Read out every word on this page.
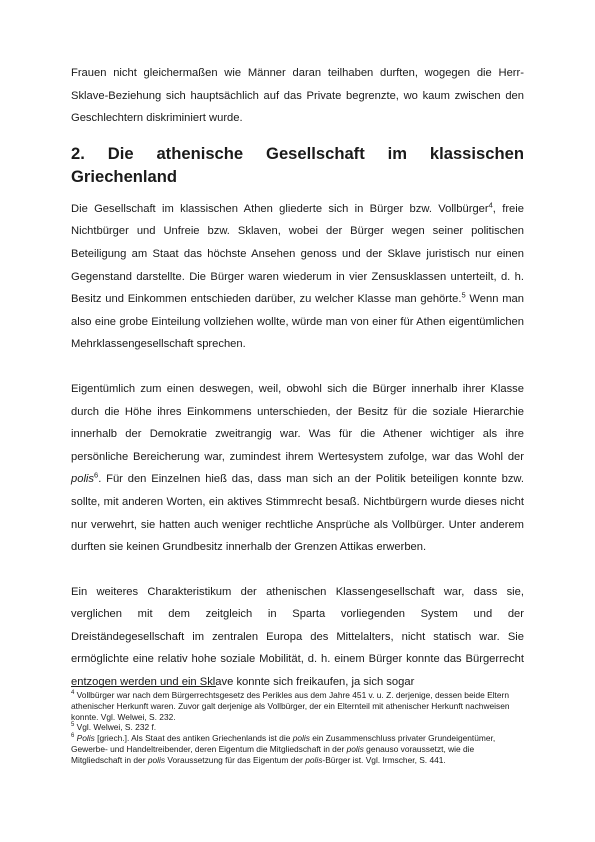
Frauen nicht gleichermaßen wie Männer daran teilhaben durften, wogegen die Herr-Sklave-Beziehung sich hauptsächlich auf das Private begrenzte, wo kaum zwischen den Geschlechtern diskriminiert wurde.

2. Die athenische Gesellschaft im klassischen
Griechenland

Die Gesellschaft im klassischen Athen gliederte sich in Bürger bzw. Vollbürger$^4$, freie Nichtbürger und Unfreie bzw. Sklaven, wobei der Bürger wegen seiner politischen Beteiligung am Staat das höchste Ansehen genoss und der Sklave juristisch nur einen Gegenstand darstellte. Die Bürger waren wiederum in vier Zensusklassen unterteilt, d. h. Besitz und Einkommen entschieden darüber, zu welcher Klasse man gehörte.$^5$ Wenn man also eine grobe Einteilung vollziehen wollte, würde man von einer für Athen eigentümlichen Mehrklassengesellschaft sprechen.

Eigentümlich zum einen deswegen, weil, obwohl sich die Bürger innerhalb ihrer Klasse durch die Höhe ihres Einkommens unterschieden, der Besitz für die soziale Hierarchie innerhalb der Demokratie zweitrangig war. Was für die Athener wichtiger als ihre persönliche Bereicherung war, zumindest ihrem Wertesystem zufolge, war das Wohl der polis$^6$. Für den Einzelnen hieß das, dass man sich an der Politik beteiligen konnte bzw. sollte, mit anderen Worten, ein aktives Stimmrecht besaß. Nichtbürgern wurde dieses nicht nur verwehrt, sie hatten auch weniger rechtliche Ansprüche als Vollbürger. Unter anderem durften sie keinen Grundbesitz innerhalb der Grenzen Attikas erwerben.

Ein weiteres Charakteristikum der athenischen Klassengesellschaft war, dass sie, verglichen mit dem zeitgleich in Sparta vorliegenden System und der Dreiständegesellschaft im zentralen Europa des Mittelalters, nicht statisch war. Sie ermöglichte eine relativ hohe soziale Mobilität, d. h. einem Bürger konnte das Bürgerrecht entzogen werden und ein Sklave konnte sich freikaufen, ja sich sogar

$^4$ Vollbürger war nach dem Bürgerrechtsgesetz des Perikles aus dem Jahre 451 v. u. Z. derjenige, dessen beide Eltern athenischer Herkunft waren. Zuvor galt derjenige als Vollbürger, der ein Elternteil mit athenischer Herkunft nachweisen konnte. Vgl. Welwei, S. 232.

$^5$ Vgl. Welwei, S. 232 f.

$^6$ Polis [griech.]. Als Staat des antiken Griechenlands ist die polis ein Zusammenschluss privater Grundeigentümer, Gewerbe- und Handeltreibender, deren Eigentum die Mitgliedschaft in der polis genauso voraussetzt, wie die Mitgliedschaft in der polis Voraussetzung für das Eigentum der polis-Bürger ist. Vgl. Irmscher, S. 441.
